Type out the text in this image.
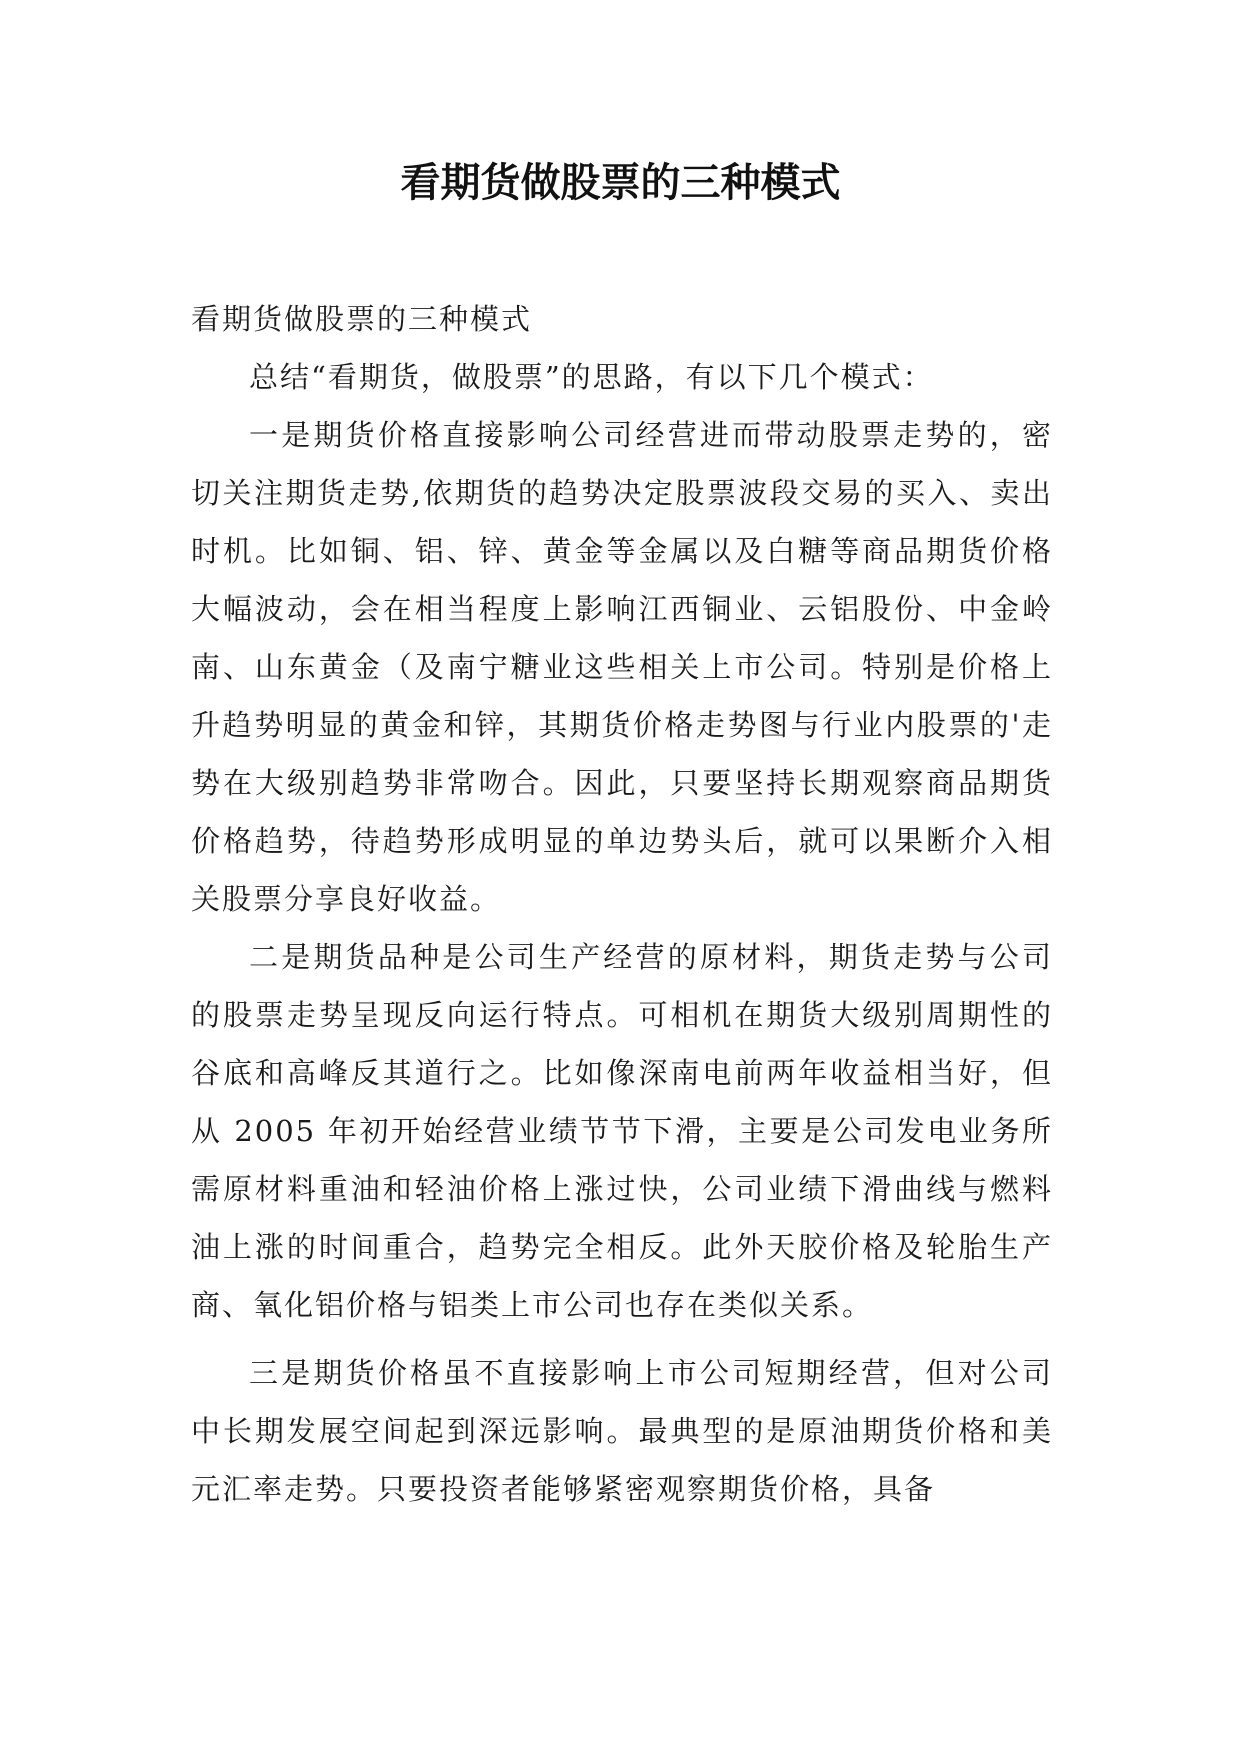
看期货做股票的三种模式

看期货做股票的三种模式

总结“看期货，做股票”的思路，有以下几个模式：

一是期货价格直接影响公司经营进而带动股票走势的，密切关注期货走势,依期货的趋势决定股票波段交易的买入、卖出时机。比如铜、铝、锌、黄金等金属以及白糖等商品期货价格大幅波动，会在相当程度上影响江西铜业、云铝股份、中金岭南、山东黄金（及南宁糖业这些相关上市公司。特别是价格上升趋势明显的黄金和锌，其期货价格走势图与行业内股票的'走势在大级别趋势非常吻合。因此，只要坚持长期观察商品期货价格趋势，待趋势形成明显的单边势头后，就可以果断介入相关股票分享良好收益。

二是期货品种是公司生产经营的原材料，期货走势与公司的股票走势呈现反向运行特点。可相机在期货大级别周期性的谷底和高峰反其道行之。比如像深南电前两年收益相当好，但从 2005 年初开始经营业绩节节下滑，主要是公司发电业务所需原材料重油和轻油价格上涨过快，公司业绩下滑曲线与燃料油上涨的时间重合，趋势完全相反。此外天胶价格及轮胎生产商、氧化铝价格与铝类上市公司也存在类似关系。

三是期货价格虽不直接影响上市公司短期经营，但对公司中长期发展空间起到深远影响。最典型的是原油期货价格和美元汇率走势。只要投资者能够紧密观察期货价格，具备
